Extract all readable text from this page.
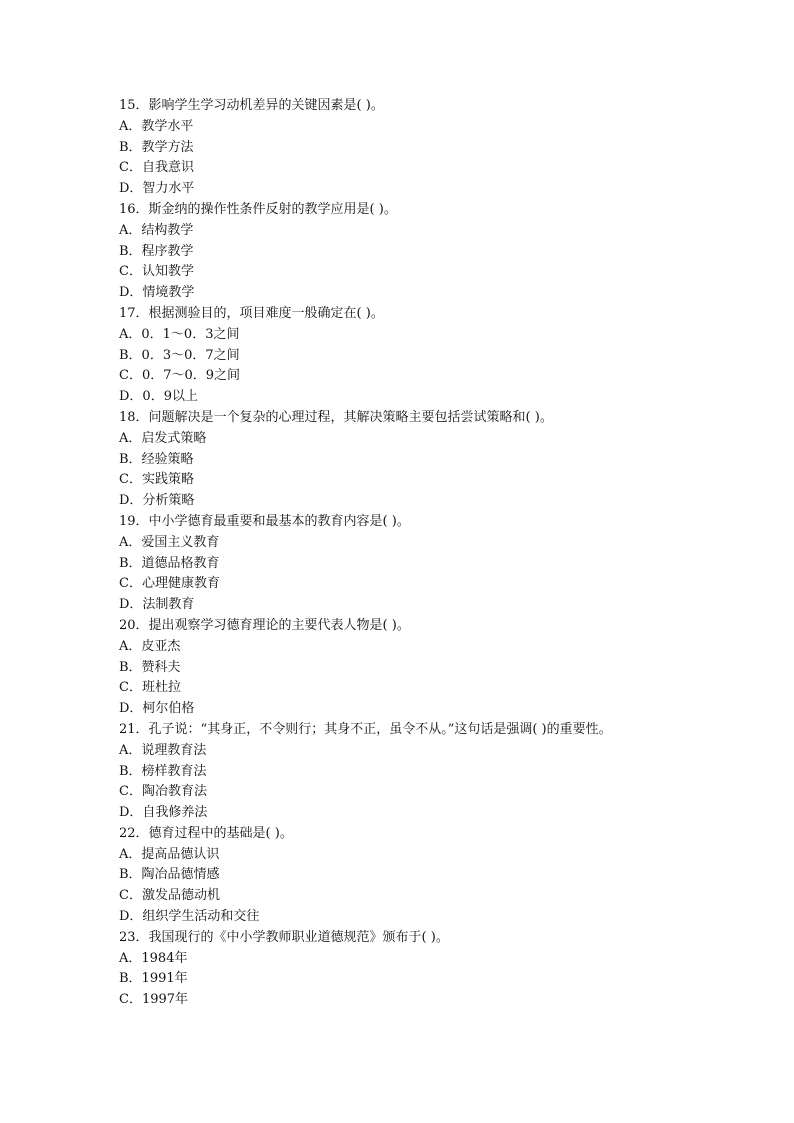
15．影响学生学习动机差异的关键因素是( )。
A．教学水平
B．教学方法
C．自我意识
D．智力水平
16．斯金纳的操作性条件反射的教学应用是( )。
A．结构教学
B．程序教学
C．认知教学
D．情境教学
17．根据测验目的，项目难度一般确定在( )。
A．0．1～0．3之间
B．0．3～0．7之间
C．0．7～0．9之间
D．0．9以上
18．问题解决是一个复杂的心理过程，其解决策略主要包括尝试策略和( )。
A．启发式策略
B．经验策略
C．实践策略
D．分析策略
19．中小学德育最重要和最基本的教育内容是( )。
A．爱国主义教育
B．道德品格教育
C．心理健康教育
D．法制教育
20．提出观察学习德育理论的主要代表人物是( )。
A．皮亚杰
B．赞科夫
C．班杜拉
D．柯尔伯格
21．孔子说：“其身正，不令则行；其身不正，虽令不从。”这句话是强调( )的重要性。
A．说理教育法
B．榜样教育法
C．陶冶教育法
D．自我修养法
22．德育过程中的基础是( )。
A．提高品德认识
B．陶冶品德情感
C．激发品德动机
D．组织学生活动和交往
23．我国现行的《中小学教师职业道德规范》颁布于( )。
A．1984年
B．1991年
C．1997年
